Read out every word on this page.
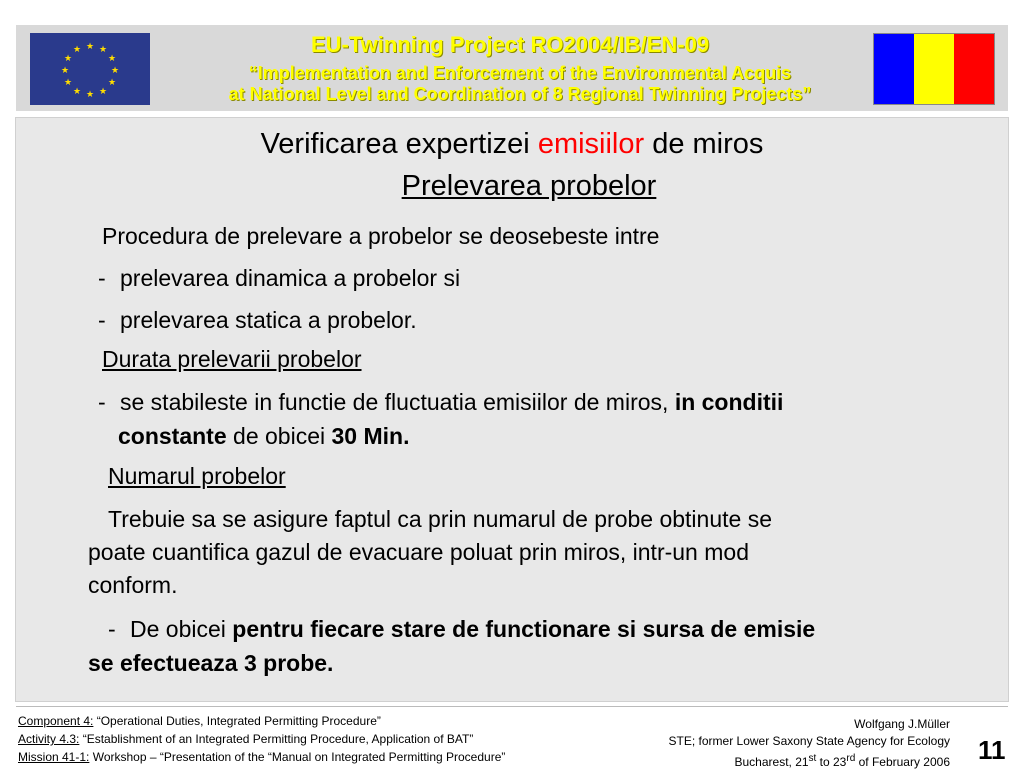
★ ★
★
★
★
★
★
★
★
★
★
★	EU-Twinning Project RO2004/IB/EN-09
“Implementation and Enforcement of the Environmental Acquis
at National Level and Coordination of 8 Regional Twinning Projects”
Verificarea expertizei emisiilor de miros
Prelevarea probelor
Procedura de prelevare a probelor se deosebeste intre
- prelevarea dinamica a probelor si
- prelevarea statica a probelor.
Durata prelevarii probelor
- se stabileste in functie de fluctuatia emisiilor de miros, in conditii
constante de obicei 30 Min.
Numarul probelor
Trebuie sa se asigure faptul ca prin numarul de probe obtinute se
poate cuantifica gazul de evacuare poluat prin miros, intr-un mod
conform.
- De obicei pentru fiecare stare de functionare si sursa de emisie
se efectueaza 3 probe.
Component 4: “Operational Duties, Integrated Permitting Procedure”
Activity 4.3: “Establishment of an Integrated Permitting Procedure, Application of BAT”
Mission 41-1: Workshop – “Presentation of the “Manual on Integrated Permitting Procedure”
Wolfgang J.Müller
STE; former Lower Saxony State Agency for Ecology
Bucharest, 21st to 23rd of February 2006 11
